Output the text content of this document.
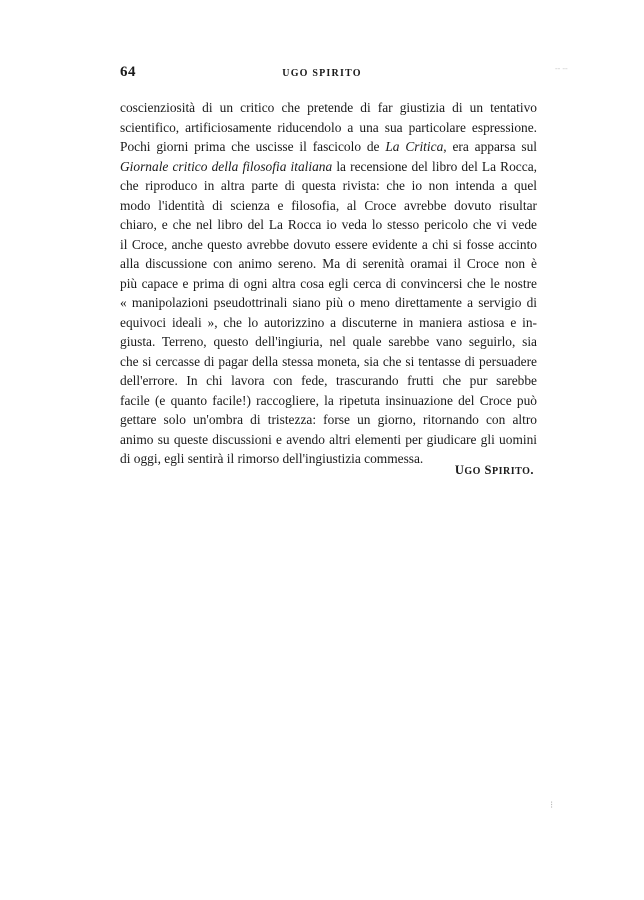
64	UGO SPIRITO
coscienziosità di un critico che pretende di far giustizia di un tentativo
scientifico, artificiosamente riducendolo a una sua particolare espressione.
Pochi giorni prima che uscisse il fascicolo de La Critica, era apparsa sul
Giornale critico della filosofia italiana la recensione del libro del La Rocca,
che riproduco in altra parte di questa rivista: che io non intenda a quel
modo l'identità di scienza e filosofia, al Croce avrebbe dovuto risultar
chiaro, e che nel libro del La Rocca io veda lo stesso pericolo che vi vede
il Croce, anche questo avrebbe dovuto essere evidente a chi si fosse accinto
alla discussione con animo sereno. Ma di serenità oramai il Croce non è
più capace e prima di ogni altra cosa egli cerca di convincersi che le nostre
« manipolazioni pseudottrinali siano più o meno direttamente a servigio di
equivoci ideali », che lo autorizzino a discuterne in maniera astiosa e in-
giusta. Terreno, questo dell'ingiuria, nel quale sarebbe vano seguirlo, sia
che si cercasse di pagar della stessa moneta, sia che si tentasse di persuadere
dell'errore. In chi lavora con fede, trascurando frutti che pur sarebbe
facile (e quanto facile!) raccogliere, la ripetuta insinuazione del Croce può
gettare solo un'ombra di tristezza: forse un giorno, ritornando con altro
animo su queste discussioni e avendo altri elementi per giudicare gli uomini
di oggi, egli sentirà il rimorso dell'ingiustizia commessa.
UGO SPIRITO.
-- --
⁝
